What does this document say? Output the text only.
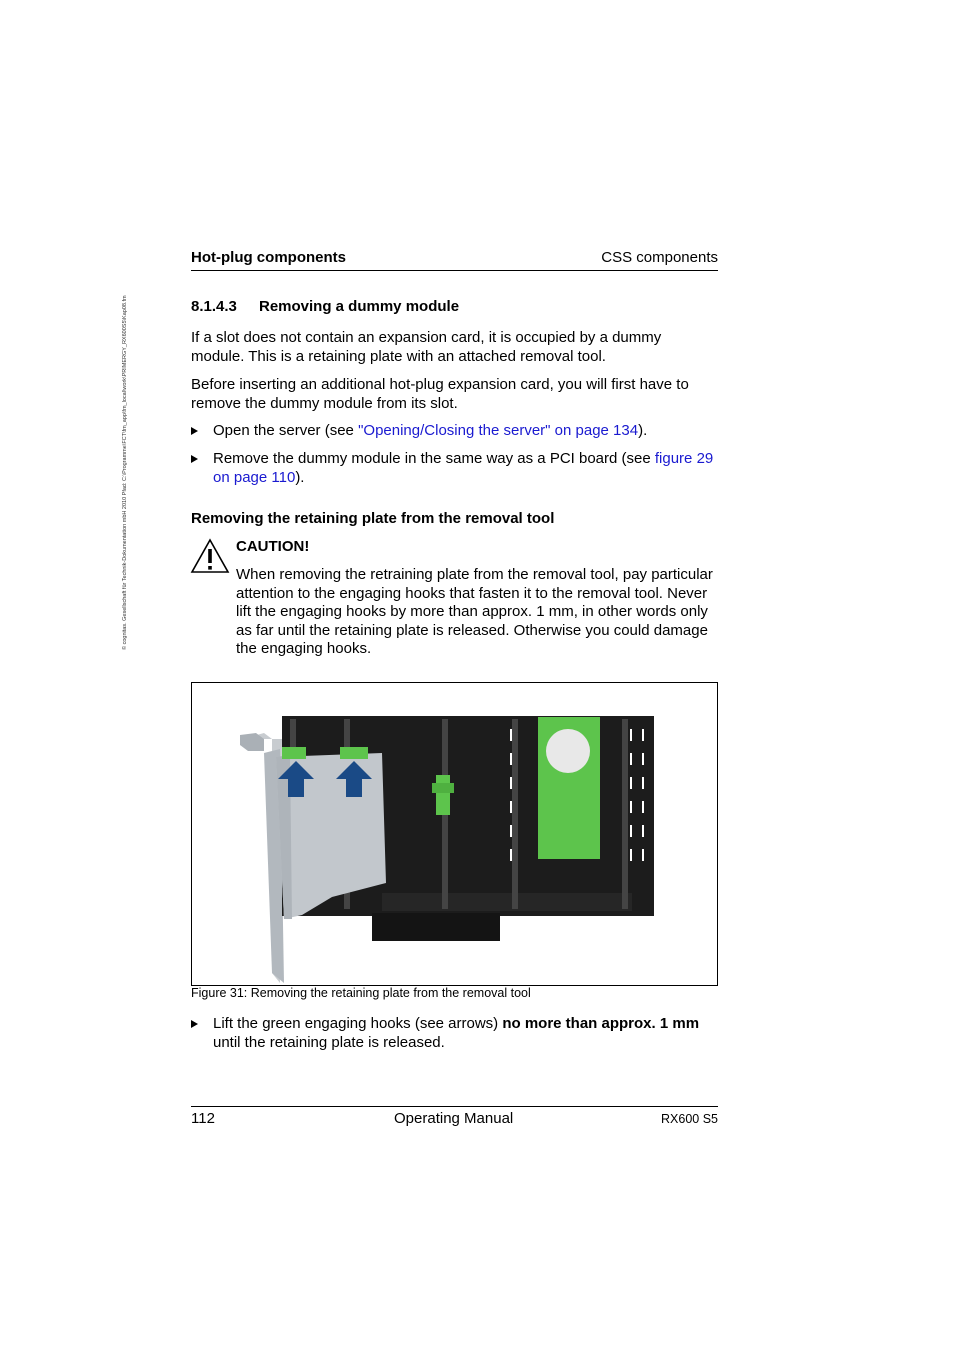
© cognitas. Gesellschaft für Technik-Dokumentation mbH 2010 Pfad: C:\Programme\FCT\fm_app\fm_local\work\PRIMERGY_RX600S5\Kap08.fm
Hot-plug components	CSS components
8.1.4.3 Removing a dummy module
If a slot does not contain an expansion card, it is occupied by a dummy module. This is a retaining plate with an attached removal tool.
Before inserting an additional hot-plug expansion card, you will first have to remove the dummy module from its slot.
Open the server (see "Opening/Closing the server" on page 134).
Remove the dummy module in the same way as a PCI board (see figure 29 on page 110).
Removing the retaining plate from the removal tool
CAUTION!
When removing the retraining plate from the removal tool, pay particular attention to the engaging hooks that fasten it to the removal tool. Never lift the engaging hooks by more than approx. 1 mm, in other words only as far until the retaining plate is released. Otherwise you could damage the engaging hooks.
Figure 31: Removing the retaining plate from the removal tool
Lift the green engaging hooks (see arrows) no more than approx. 1 mm until the retaining plate is released.
112	Operating Manual	RX600 S5
